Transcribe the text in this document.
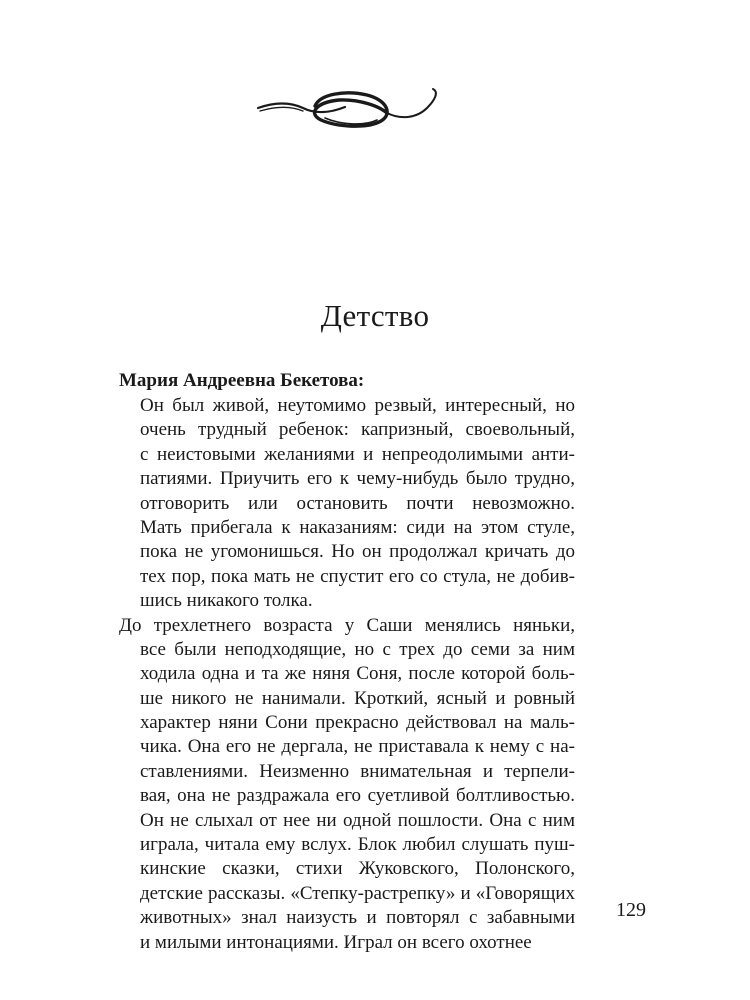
Детство

Мария Андреевна Бекетова:

Он был живой, неутомимо резвый, интересный, но
очень трудный ребенок: капризный, своевольный,
с неистовыми желаниями и непреодолимыми анти-
патиями. Приучить его к чему-нибудь было трудно,
отговорить или остановить почти невозможно.
Мать прибегала к наказаниям: сиди на этом стуле,
пока не угомонишься. Но он продолжал кричать до
тех пор, пока мать не спустит его со стула, не добив-
шись никакого толка.
До трехлетнего возраста у Саши менялись няньки,
все были неподходящие, но с трех до семи за ним
ходила одна и та же няня Соня, после которой боль-
ше никого не нанимали. Кроткий, ясный и ровный
характер няни Сони прекрасно действовал на маль-
чика. Она его не дергала, не приставала к нему с на-
ставлениями. Неизменно внимательная и терпели-
вая, она не раздражала его суетливой болтливостью.
Он не слыхал от нее ни одной пошлости. Она с ним
играла, читала ему вслух. Блок любил слушать пуш-
кинские сказки, стихи Жуковского, Полонского,
детские рассказы. «Степку-растрепку» и «Говорящих
животных» знал наизусть и повторял с забавными
и милыми интонациями. Играл он всего охотнее

129
